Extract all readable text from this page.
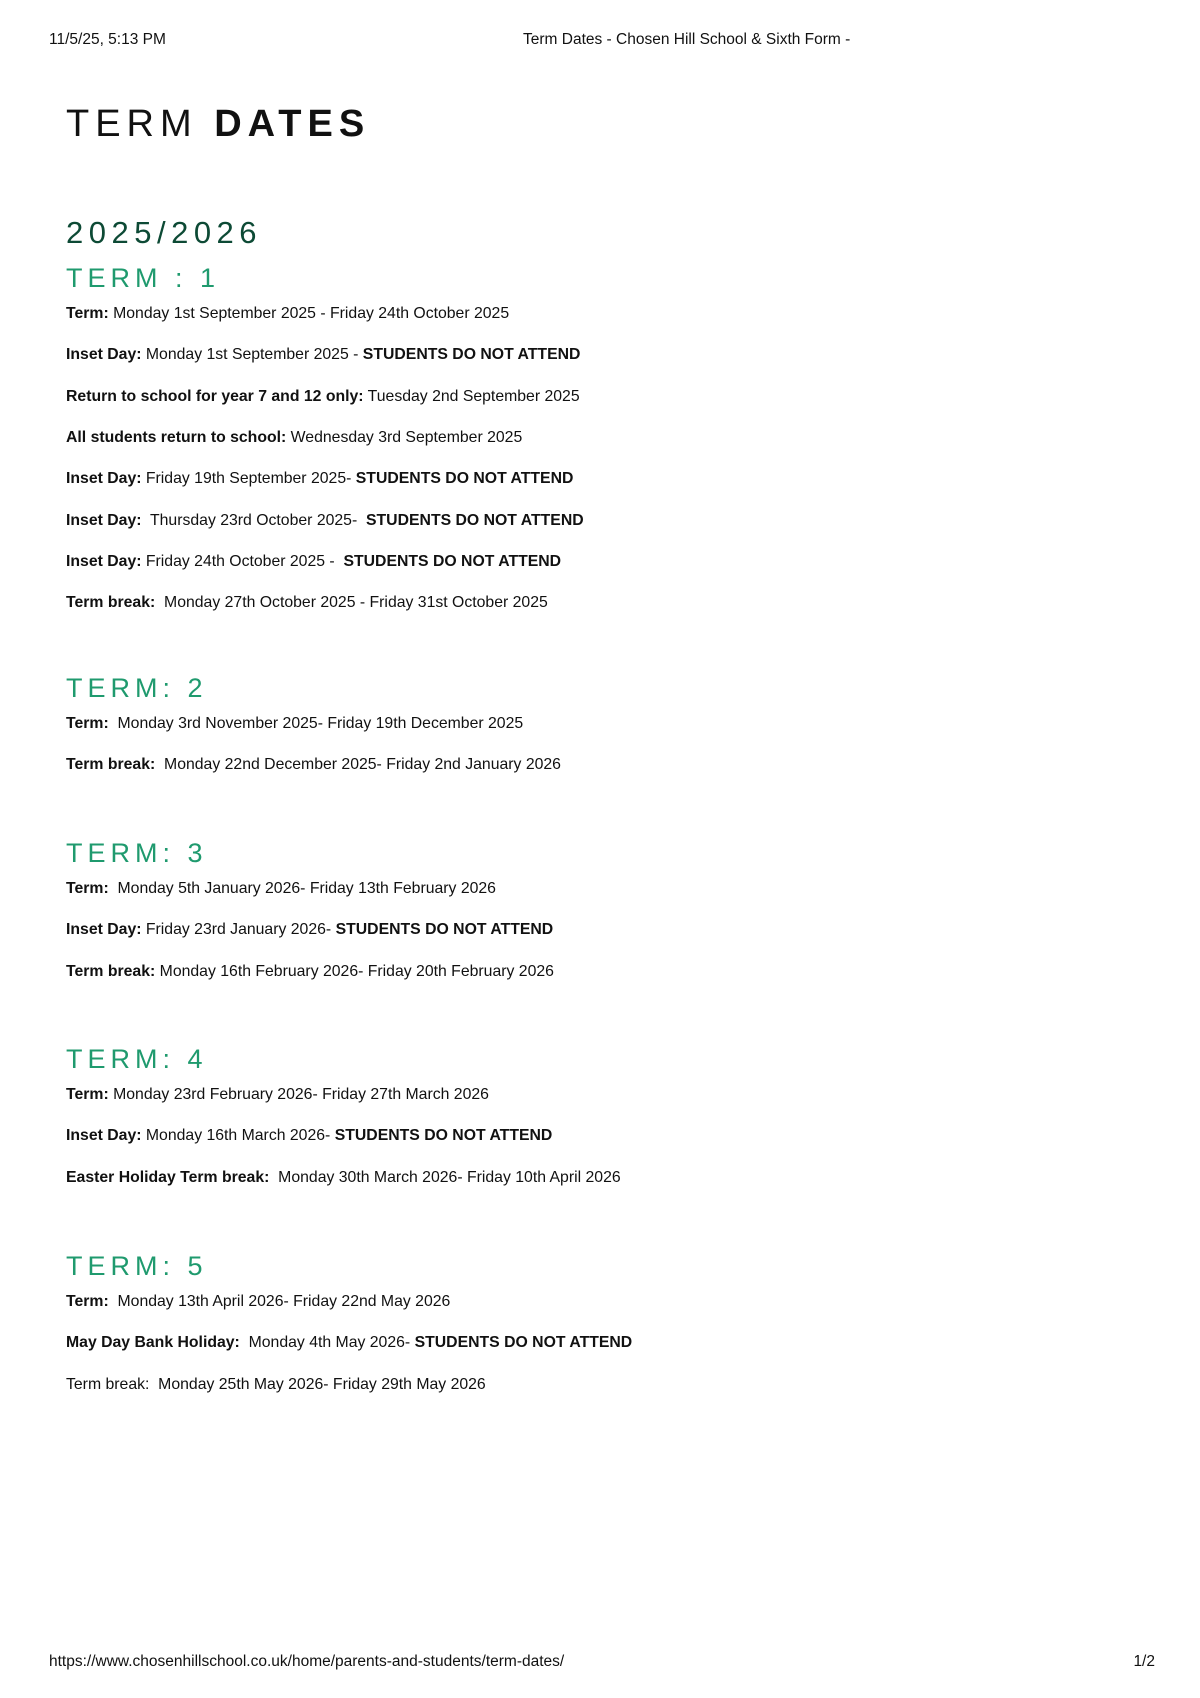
11/5/25, 5:13 PM	Term Dates - Chosen Hill School & Sixth Form -
TERM DATES
2025/2026
TERM : 1
Term: Monday 1st September 2025 - Friday 24th October 2025
Inset Day: Monday 1st September 2025 - STUDENTS DO NOT ATTEND
Return to school for year 7 and 12 only: Tuesday 2nd September 2025
All students return to school: Wednesday 3rd September 2025
Inset Day: Friday 19th September 2025- STUDENTS DO NOT ATTEND
Inset Day:  Thursday 23rd October 2025-  STUDENTS DO NOT ATTEND
Inset Day: Friday 24th October 2025 -  STUDENTS DO NOT ATTEND
Term break:  Monday 27th October 2025 - Friday 31st October 2025
TERM: 2
Term:  Monday 3rd November 2025- Friday 19th December 2025
Term break:  Monday 22nd December 2025- Friday 2nd January 2026
TERM: 3
Term:  Monday 5th January 2026- Friday 13th February 2026
Inset Day: Friday 23rd January 2026- STUDENTS DO NOT ATTEND
Term break: Monday 16th February 2026- Friday 20th February 2026
TERM: 4
Term: Monday 23rd February 2026- Friday 27th March 2026
Inset Day: Monday 16th March 2026- STUDENTS DO NOT ATTEND
Easter Holiday Term break:  Monday 30th March 2026- Friday 10th April 2026
TERM: 5
Term:  Monday 13th April 2026- Friday 22nd May 2026
May Day Bank Holiday:  Monday 4th May 2026- STUDENTS DO NOT ATTEND
Term break:  Monday 25th May 2026- Friday 29th May 2026
https://www.chosenhillschool.co.uk/home/parents-and-students/term-dates/	1/2
